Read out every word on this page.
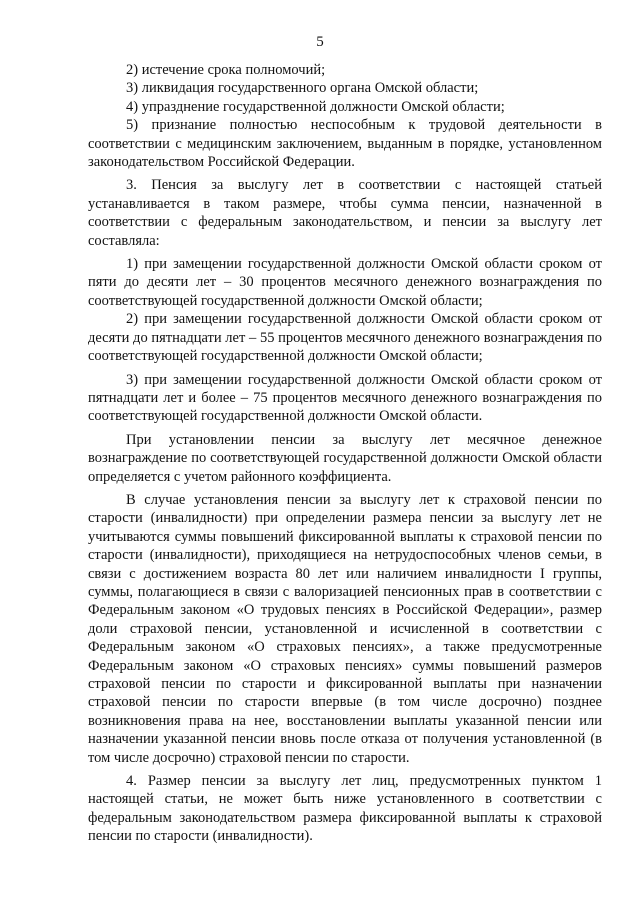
5

2) истечение срока полномочий;

3) ликвидация государственного органа Омской области;

4) упразднение государственной должности Омской области;

5) признание полностью неспособным к трудовой деятельности в соответствии с медицинским заключением, выданным в порядке, установленном законодательством Российской Федерации.

3. Пенсия за выслугу лет в соответствии с настоящей статьей устанавливается в таком размере, чтобы сумма пенсии, назначенной в соответствии с федеральным законодательством, и пенсии за выслугу лет составляла:

1) при замещении государственной должности Омской области сроком от пяти до десяти лет – 30 процентов месячного денежного вознаграждения по соответствующей государственной должности Омской области;

2) при замещении государственной должности Омской области сроком от десяти до пятнадцати лет – 55 процентов месячного денежного вознаграждения по соответствующей государственной должности Омской области;

3) при замещении государственной должности Омской области сроком от пятнадцати лет и более – 75 процентов месячного денежного вознаграждения по соответствующей государственной должности Омской области.

При установлении пенсии за выслугу лет месячное денежное вознаграждение по соответствующей государственной должности Омской области определяется с учетом районного коэффициента.

В случае установления пенсии за выслугу лет к страховой пенсии по старости (инвалидности) при определении размера пенсии за выслугу лет не учитываются суммы повышений фиксированной выплаты к страховой пенсии по старости (инвалидности), приходящиеся на нетрудоспособных членов семьи, в связи с достижением возраста 80 лет или наличием инвалидности I группы, суммы, полагающиеся в связи с валоризацией пенсионных прав в соответствии с Федеральным законом «О трудовых пенсиях в Российской Федерации», размер доли страховой пенсии, установленной и исчисленной в соответствии с Федеральным законом «О страховых пенсиях», а также предусмотренные Федеральным законом «О страховых пенсиях» суммы повышений размеров страховой пенсии по старости и фиксированной выплаты при назначении страховой пенсии по старости впервые (в том числе досрочно) позднее возникновения права на нее, восстановлении выплаты указанной пенсии или назначении указанной пенсии вновь после отказа от получения установленной (в том числе досрочно) страховой пенсии по старости.

4. Размер пенсии за выслугу лет лиц, предусмотренных пунктом 1 настоящей статьи, не может быть ниже установленного в соответствии с федеральным законодательством размера фиксированной выплаты к страховой пенсии по старости (инвалидности).
